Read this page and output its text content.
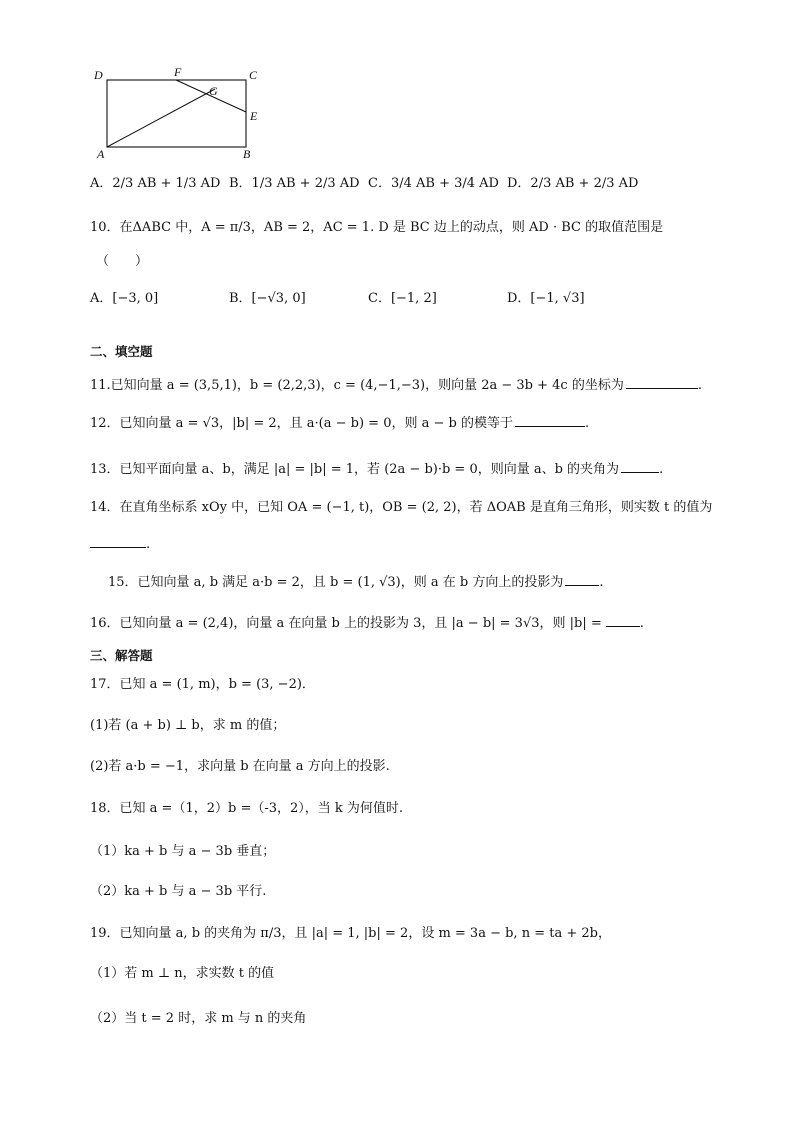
D	F	C
G
E
A	B
A．2/3 AB + 1/3 AD B．1/3 AB + 2/3 AD C．3/4 AB + 3/4 AD D．2/3 AB + 2/3 AD
10．在ΔABC 中，A = π/3，AB = 2，AC = 1. D 是 BC 边上的动点，则 AD · BC 的取值范围是
（　　）
A．[−3, 0]	B．[−√3, 0]	C．[−1, 2]	D．[−1, √3]
二、填空题
11.已知向量 a = (3,5,1)，b = (2,2,3)，c = (4,−1,−3)，则向量 2a − 3b + 4c 的坐标为	.
12．已知向量 a = √3，|b| = 2，且 a·(a − b) = 0，则 a − b 的模等于	.
13．已知平面向量 a、b，满足 |a| = |b| = 1，若 (2a − b)·b = 0，则向量 a、b 的夹角为	.
14．在直角坐标系 xOy 中，已知 OA = (−1, t)，OB = (2, 2)，若 ΔOAB 是直角三角形，则实数 t 的值为
.
15．已知向量 a, b 满足 a·b = 2，且 b = (1, √3)，则 a 在 b 方向上的投影为	.
16．已知向量 a = (2,4)，向量 a 在向量 b 上的投影为 3，且 |a − b| = 3√3，则 |b| =	.
三、解答题
17．已知 a = (1, m)，b = (3, −2)．
(1)若 (a + b) ⊥ b，求 m 的值；
(2)若 a·b = −1，求向量 b 在向量 a 方向上的投影.
18．已知 a =（1，2）b =（-3，2），当 k 为何值时.
（1）ka + b 与 a − 3b 垂直；
（2）ka + b 与 a − 3b 平行.
19．已知向量 a, b 的夹角为 π/3，且 |a| = 1, |b| = 2，设 m = 3a − b, n = ta + 2b，
（1）若 m ⊥ n，求实数 t 的值
（2）当 t = 2 时，求 m 与 n 的夹角
